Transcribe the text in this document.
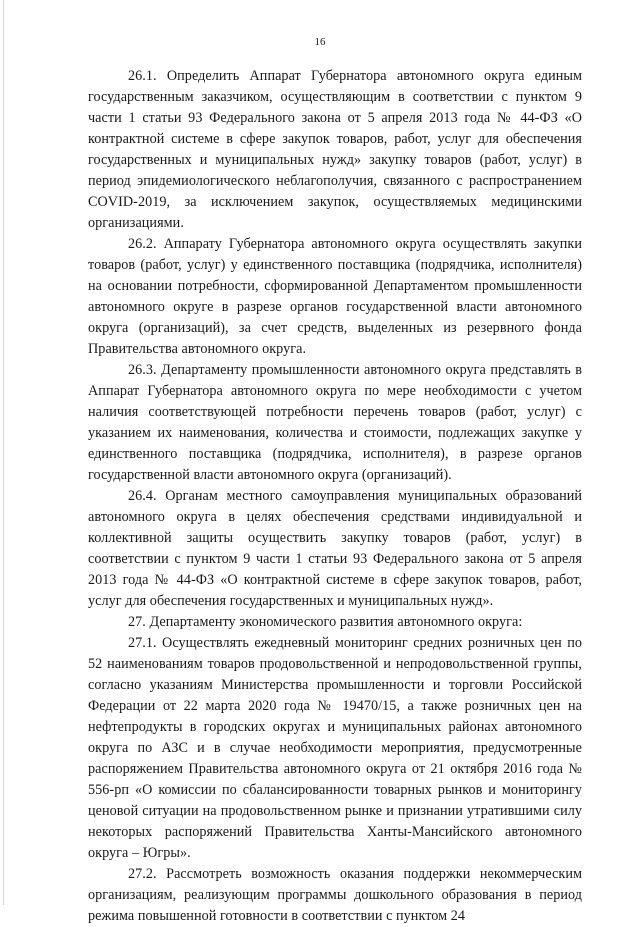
16

26.1. Определить Аппарат Губернатора автономного округа единым государственным заказчиком, осуществляющим в соответствии с пунктом 9 части 1 статьи 93 Федерального закона от 5 апреля 2013 года № 44-ФЗ «О контрактной системе в сфере закупок товаров, работ, услуг для обеспечения государственных и муниципальных нужд» закупку товаров (работ, услуг) в период эпидемиологического неблагополучия, связанного с распространением COVID-2019, за исключением закупок, осуществляемых медицинскими организациями.

26.2. Аппарату Губернатора автономного округа осуществлять закупки товаров (работ, услуг) у единственного поставщика (подрядчика, исполнителя) на основании потребности, сформированной Департаментом промышленности автономного округе в разрезе органов государственной власти автономного округа (организаций), за счет средств, выделенных из резервного фонда Правительства автономного округа.

26.3. Департаменту промышленности автономного округа представлять в Аппарат Губернатора автономного округа по мере необходимости с учетом наличия соответствующей потребности перечень товаров (работ, услуг) с указанием их наименования, количества и стоимости, подлежащих закупке у единственного поставщика (подрядчика, исполнителя), в разрезе органов государственной власти автономного округа (организаций).

26.4. Органам местного самоуправления муниципальных образований автономного округа в целях обеспечения средствами индивидуальной и коллективной защиты осуществить закупку товаров (работ, услуг) в соответствии с пунктом 9 части 1 статьи 93 Федерального закона от 5 апреля 2013 года № 44-ФЗ «О контрактной системе в сфере закупок товаров, работ, услуг для обеспечения государственных и муниципальных нужд».

27. Департаменту экономического развития автономного округа:

27.1. Осуществлять ежедневный мониторинг средних розничных цен по 52 наименованиям товаров продовольственной и непродовольственной группы, согласно указаниям Министерства промышленности и торговли Российской Федерации от 22 марта 2020 года № 19470/15, а также розничных цен на нефтепродукты в городских округах и муниципальных районах автономного округа по АЗС и в случае необходимости мероприятия, предусмотренные распоряжением Правительства автономного округа от 21 октября 2016 года № 556-рп «О комиссии по сбалансированности товарных рынков и мониторингу ценовой ситуации на продовольственном рынке и признании утратившими силу некоторых распоряжений Правительства Ханты-Мансийского автономного округа – Югры».

27.2. Рассмотреть возможность оказания поддержки некоммерческим организациям, реализующим программы дошкольного образования в период режима повышенной готовности в соответствии с пунктом 24
